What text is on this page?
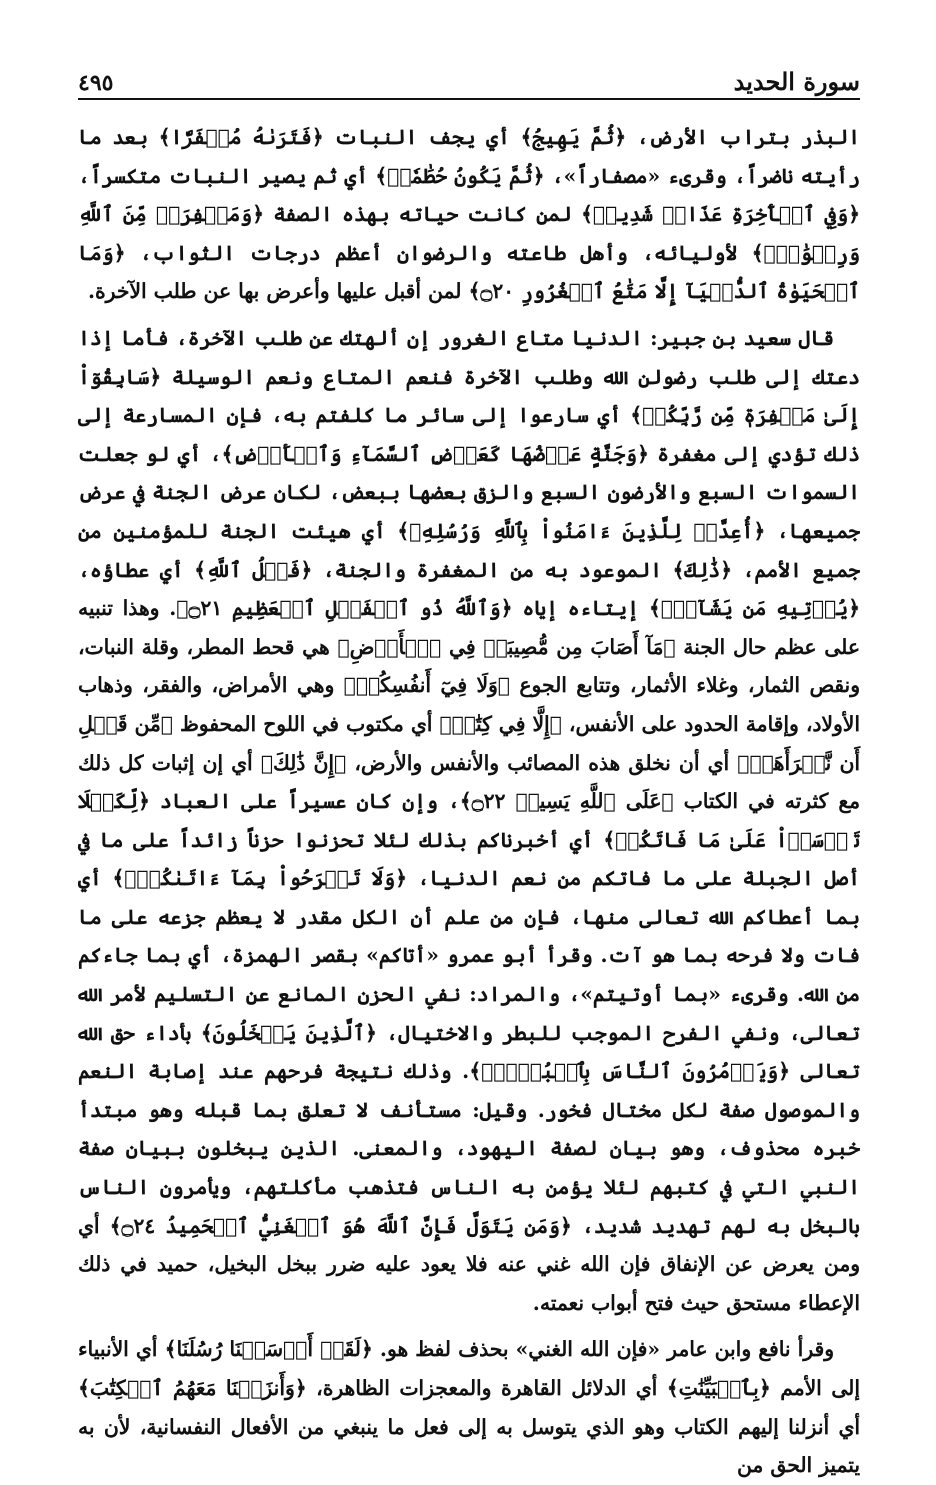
سورة الحديد
٤٩٥

البذر بتراب الأرض، ﴿ثُمَّ يَهِيجُ﴾ أي يجف النبات ﴿فَتَرَىٰهُ مُصۡفَرّٗا﴾ بعد ما رأيته ناضراً، وقرىء «مصفاراً»، ﴿ثُمَّ يَكُونُ حُطَٰمٗاۖ﴾ أي ثم يصير النبات متكسراً، ﴿وَفِي ٱلۡأٓخِرَةِ عَذَابٞ شَدِيدٞ﴾ لمن كانت حياته بهذه الصفة ﴿وَمَغۡفِرَةٞ مِّنَ ٱللَّهِ وَرِضۡوَٰنٞۚ﴾ لأوليائه، وأهل طاعته والرضوان أعظم درجات الثواب، ﴿وَمَا ٱلۡحَيَوٰةُ ٱلدُّنۡيَآ إِلَّا مَتَٰعُ ٱلۡغُرُورِ ۝٢٠﴾ لمن أقبل عليها وأعرض بها عن طلب الآخرة.

قال سعيد بن جبير: الدنيا متاع الغرور إن ألهتك عن طلب الآخرة، فأما إذا دعتك إلى طلب رضولن الله وطلب الآخرة فنعم المتاع ونعم الوسيلة ﴿سَابِقُوٓاْ إِلَىٰ مَغۡفِرَةٖ مِّن رَّبِّكُمۡ﴾ أي سارعوا إلى سائر ما كلفتم به، فإن المسارعة إلى ذلك تؤدي إلى مغفرة ﴿وَجَنَّةٍ عَرۡضُهَا كَعَرۡضِ ٱلسَّمَآءِ وَٱلۡأَرۡضِ﴾، أي لو جعلت السموات السبع والأرضون السبع والزق بعضها ببعض، لكان عرض الجنة في عرض جميعها، ﴿أُعِدَّتۡ لِلَّذِينَ ءَامَنُواْ بِٱللَّهِ وَرُسُلِهِۦ﴾ أي هيئت الجنة للمؤمنين من جميع الأمم، ﴿ذَٰلِكَ﴾ الموعود به من المغفرة والجنة، ﴿فَضۡلُ ٱللَّهِ﴾ أي عطاؤه، ﴿يُؤۡتِيهِ مَن يَشَآءُۚ﴾ إيتاءه إياه ﴿وَٱللَّهُ ذُو ٱلۡفَضۡلِ ٱلۡعَظِيمِ ۝٢١﴾. وهذا تنبيه على عظم حال الجنة ﴿مَآ أَصَابَ مِن مُّصِيبَةٖ فِي ٱلۡأَرۡضِ﴾ هي قحط المطر، وقلة النبات، ونقص الثمار، وغلاء الأثمار، وتتابع الجوع ﴿وَلَا فِيٓ أَنفُسِكُمۡ﴾ وهي الأمراض، والفقر، وذهاب الأولاد، وإقامة الحدود على الأنفس، ﴿إِلَّا فِي كِتَٰبٖ﴾ أي مكتوب في اللوح المحفوظ ﴿مِّن قَبۡلِ أَن نَّبۡرَأَهَآۚ﴾ أي أن نخلق هذه المصائب والأنفس والأرض، ﴿إِنَّ ذَٰلِكَ﴾ أي إن إثبات كل ذلك مع كثرته في الكتاب ﴿عَلَى ٱللَّهِ يَسِيرٞ ۝٢٢﴾، وإن كان عسيراً على العباد ﴿لِّكَيۡلَا تَأۡسَوۡاْ عَلَىٰ مَا فَاتَكُمۡ﴾ أي أخبرناكم بذلك لئلا تحزنوا حزناً زائداً على ما في أصل الجبلة على ما فاتكم من نعم الدنيا، ﴿وَلَا تَفۡرَحُواْ بِمَآ ءَاتَىٰكُمۡۗ﴾ أي بما أعطاكم الله تعالى منها، فإن من علم أن الكل مقدر لا يعظم جزعه على ما فات ولا فرحه بما هو آت. وقرأ أبو عمرو «أتاكم» بقصر الهمزة، أي بما جاءكم من الله. وقرىء «بما أوتيتم»، والمراد: نفي الحزن المانع عن التسليم لأمر الله تعالى، ونفي الفرح الموجب للبطر والاختيال، ﴿ٱلَّذِينَ يَبۡخَلُونَ﴾ بأداء حق الله تعالى ﴿وَيَأۡمُرُونَ ٱلنَّاسَ بِٱلۡبُخۡلِۗ﴾. وذلك نتيجة فرحهم عند إصابة النعم والموصول صفة لكل مختال فخور. وقيل: مستأنف لا تعلق بما قبله وهو مبتدأ خبره محذوف، وهو بيان لصفة اليهود، والمعنى. الذين يبخلون ببيان صفة النبي التي في كتبهم لئلا يؤمن به الناس فتذهب مأكلتهم، ويأمرون الناس بالبخل به لهم تهديد شديد، ﴿وَمَن يَتَوَلَّ فَإِنَّ ٱللَّهَ هُوَ ٱلۡغَنِيُّ ٱلۡحَمِيدُ ۝٢٤﴾ أي ومن يعرض عن الإنفاق فإن الله غني عنه فلا يعود عليه ضرر ببخل البخيل، حميد في ذلك الإعطاء مستحق حيث فتح أبواب نعمته.

وقرأ نافع وابن عامر «فإن الله الغني» بحذف لفظ هو. ﴿لَقَدۡ أَرۡسَلۡنَا رُسُلَنَا﴾ أي الأنبياء إلى الأمم ﴿بِٱلۡبَيِّنَٰتِ﴾ أي الدلائل القاهرة والمعجزات الظاهرة، ﴿وَأَنزَلۡنَا مَعَهُمُ ٱلۡكِتَٰبَ﴾ أي أنزلنا إليهم الكتاب وهو الذي يتوسل به إلى فعل ما ينبغي من الأفعال النفسانية، لأن به يتميز الحق من
